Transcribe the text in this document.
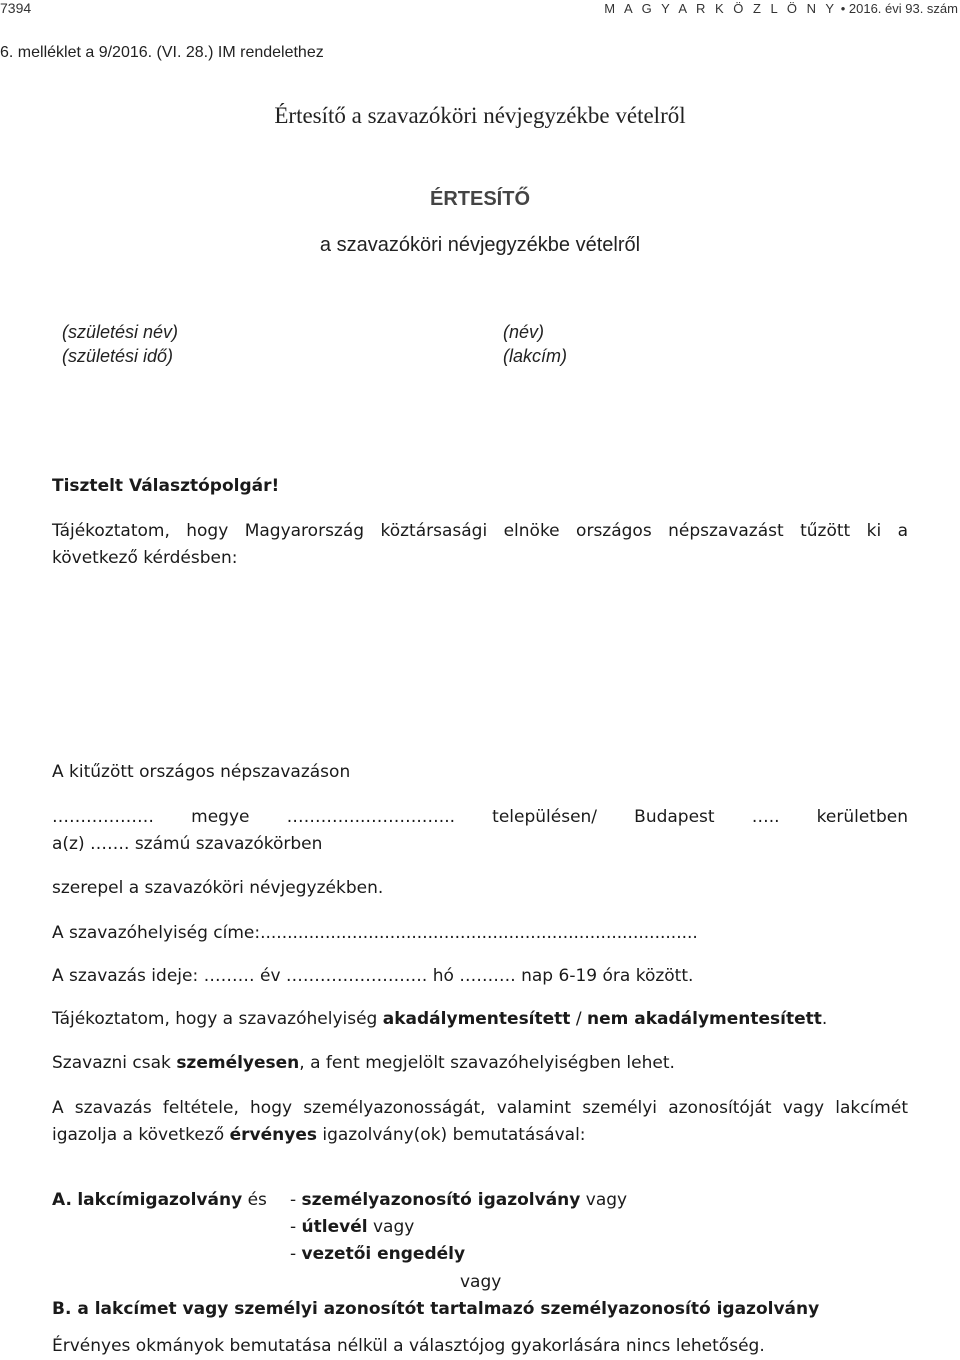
7394	M A G Y A R K Ö Z L Ö N Y • 2016. évi 93. szám
6. melléklet a 9/2016. (VI. 28.) IM rendelethez
Értesítő a szavazóköri névjegyzékbe vételről
ÉRTESÍTŐ
a szavazóköri névjegyzékbe vételről
(születési név)
(születési idő)
(név)
(lakcím)
Tisztelt Választópolgár!
Tájékoztatom, hogy Magyarország köztársasági elnöke országos népszavazást tűzött ki a
következő kérdésben:
A kitűzött országos népszavazáson
……………… megye …………..……….…... településen/ Budapest ….. kerületben
a(z) ……. számú szavazókörben
szerepel a szavazóköri névjegyzékben.
A szavazóhelyiség címe:.................................................................................
A szavazás ideje: ……… év ……………………. hó ………. nap 6-19 óra között.
Tájékoztatom, hogy a szavazóhelyiség akadálymentesített / nem akadálymentesített.
Szavazni csak személyesen, a fent megjelölt szavazóhelyiségben lehet.
A szavazás feltétele, hogy személyazonosságát, valamint személyi azonosítóját vagy lakcímét
igazolja a következő érvényes igazolvány(ok) bemutatásával:
A. lakcímigazolvány és - személyazonosító igazolvány vagy
- útlevél vagy
- vezetői engedély
vagy
B. a lakcímet vagy személyi azonosítót tartalmazó személyazonosító igazolvány
Érvényes okmányok bemutatása nélkül a választójog gyakorlására nincs lehetőség.
